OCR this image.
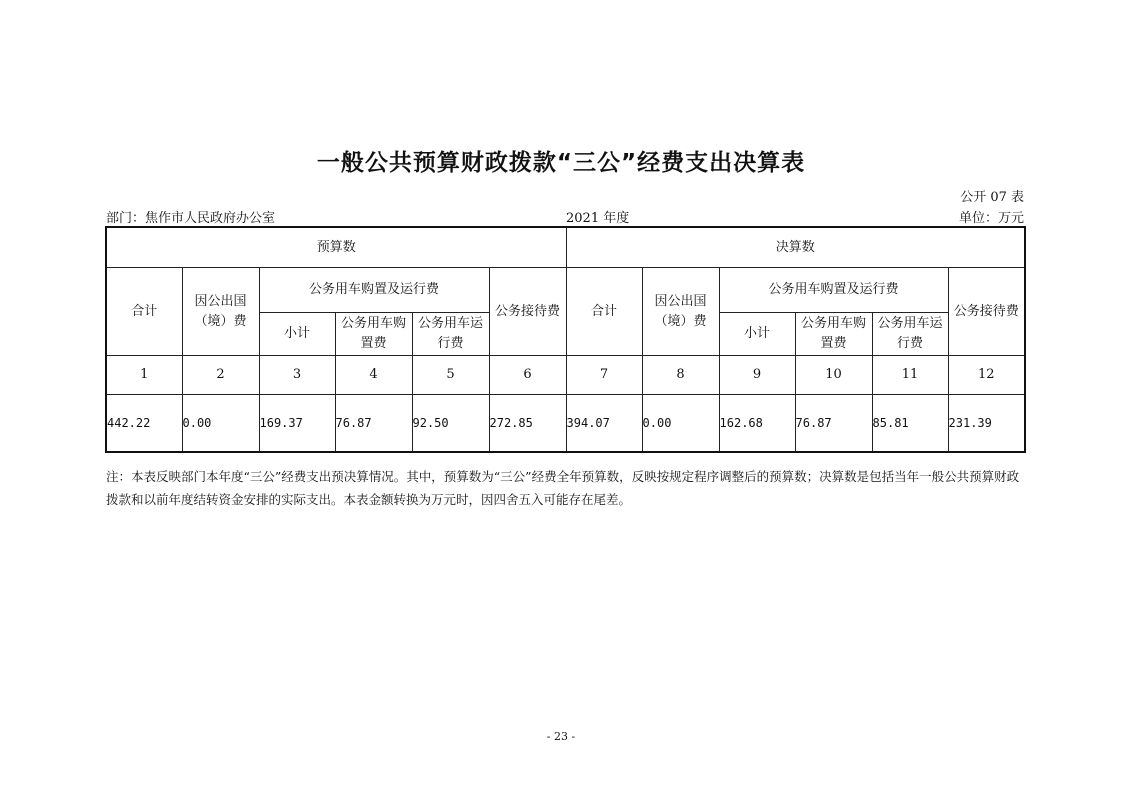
一般公共预算财政拨款“三公”经费支出决算表
公开 07 表
部门：焦作市人民政府办公室	2021 年度	单位：万元
预算数						决算数					
合计	因公出国（境）费	公务用车购置及运行费			公务接待费	合计	因公出国（境）费	公务用车购置及运行费			公务接待费
		小计	公务用车购置费	公务用车运行费				小计	公务用车购置费	公务用车运行费	
1	2	3	4	5	6	7	8	9	10	11	12
442.22	0.00	169.37	76.87	92.50	272.85	394.07	0.00	162.68	76.87	85.81	231.39
注：本表反映部门本年度“三公”经费支出预决算情况。其中，预算数为“三公”经费全年预算数，反映按规定程序调整后的预算数；决算数是包括当年一般公共预算财政拨款和以前年度结转资金安排的实际支出。本表金额转换为万元时，因四舍五入可能存在尾差。
- 23 -
